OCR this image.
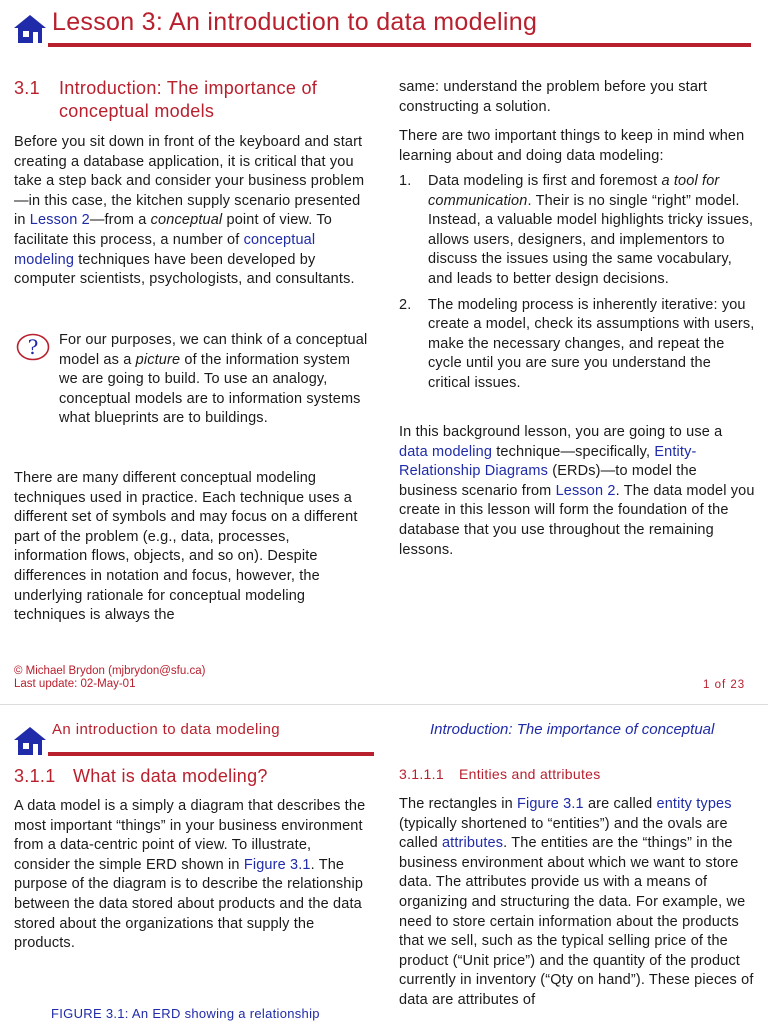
Lesson 3: An introduction to data modeling
3.1 Introduction: The importance of conceptual models

Before you sit down in front of the keyboard and start creating a database application, it is critical that you take a step back and consider your business problem—in this case, the kitchen supply scenario presented in Lesson 2—from a conceptual point of view. To facilitate this process, a number of conceptual modeling techniques have been developed by computer scientists, psychologists, and consultants.

? For our purposes, we can think of a conceptual model as a picture of the information system we are going to build. To use an analogy, conceptual models are to information systems what blueprints are to buildings.

There are many different conceptual modeling techniques used in practice. Each technique uses a different set of symbols and may focus on a different part of the problem (e.g., data, processes, information flows, objects, and so on). Despite differences in notation and focus, however, the underlying rationale for conceptual modeling techniques is always the
same: understand the problem before you start constructing a solution.
There are two important things to keep in mind when learning about and doing data modeling:
1. Data modeling is first and foremost a tool for communication. Their is no single “right” model. Instead, a valuable model highlights tricky issues, allows users, designers, and implementors to discuss the issues using the same vocabulary, and leads to better design decisions.
2. The modeling process is inherently iterative: you create a model, check its assumptions with users, make the necessary changes, and repeat the cycle until you are sure you understand the critical issues.

In this background lesson, you are going to use a data modeling technique—specifically, Entity-Relationship Diagrams (ERDs)—to model the business scenario from Lesson 2. The data model you create in this lesson will form the foundation of the database that you use throughout the remaining lessons.

© Michael Brydon (mjbrydon@sfu.ca)
Last update: 02-May-01	1 of 23
An introduction to data modeling	Introduction: The importance of conceptual
3.1.1 What is data modeling?

A data model is a simply a diagram that describes the most important “things” in your business environment from a data-centric point of view. To illustrate, consider the simple ERD shown in Figure 3.1. The purpose of the diagram is to describe the relationship between the data stored about products and the data stored about the organizations that supply the products.

FIGURE 3.1: An ERD showing a relationship
3.1.1.1 Entities and attributes

The rectangles in Figure 3.1 are called entity types (typically shortened to “entities”) and the ovals are called attributes. The entities are the “things” in the business environment about which we want to store data. The attributes provide us with a means of organizing and structuring the data. For example, we need to store certain information about the products that we sell, such as the typical selling price of the product (“Unit price”) and the quantity of the product currently in inventory (“Qty on hand”). These pieces of data are attributes of
